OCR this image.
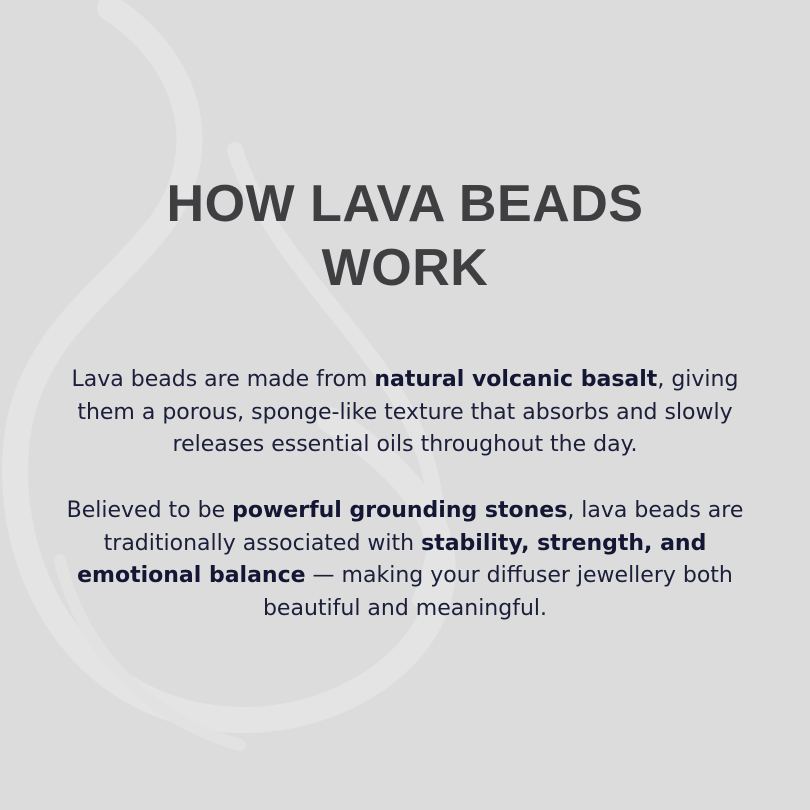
HOW LAVA BEADS WORK

Lava beads are made from natural volcanic basalt, giving them a porous, sponge-like texture that absorbs and slowly releases essential oils throughout the day.

Believed to be powerful grounding stones, lava beads are traditionally associated with stability, strength, and emotional balance — making your diffuser jewellery both beautiful and meaningful.
